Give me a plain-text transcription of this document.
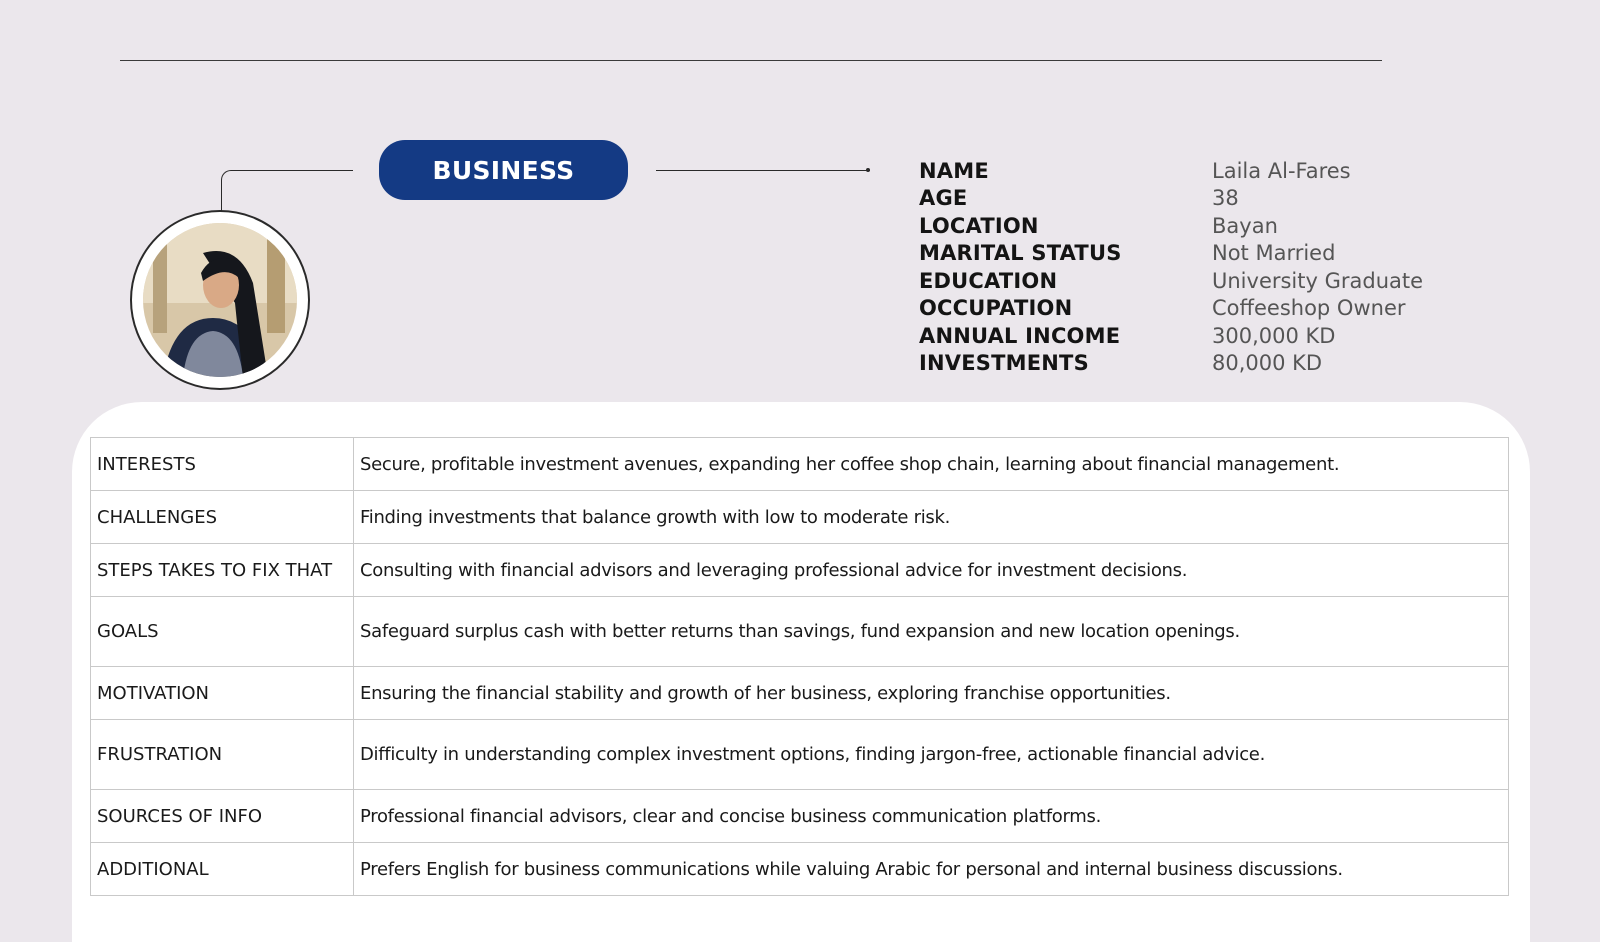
BUSINESS	NAME	Laila Al-Fares
AGE	38
LOCATION	Bayan
MARITAL STATUS	Not Married
EDUCATION	University Graduate
OCCUPATION	Coffeeshop Owner
ANNUAL INCOME	300,000 KD
INVESTMENTS	80,000 KD
INTERESTS	Secure, profitable investment avenues, expanding her coffee shop chain, learning about financial management.
CHALLENGES	Finding investments that balance growth with low to moderate risk.
STEPS TAKES TO FIX THAT	Consulting with financial advisors and leveraging professional advice for investment decisions.
GOALS	Safeguard surplus cash with better returns than savings, fund expansion and new location openings.
MOTIVATION	Ensuring the financial stability and growth of her business, exploring franchise opportunities.
FRUSTRATION	Difficulty in understanding complex investment options, finding jargon-free, actionable financial advice.
SOURCES OF INFO	Professional financial advisors, clear and concise business communication platforms.
ADDITIONAL	Prefers English for business communications while valuing Arabic for personal and internal business discussions.
